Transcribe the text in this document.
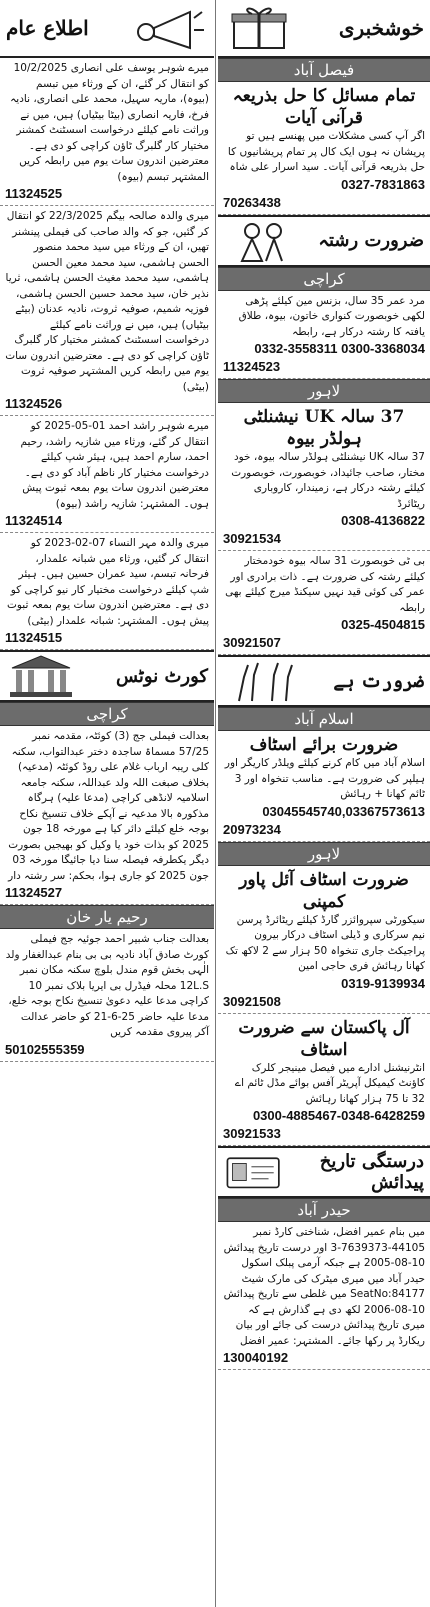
خوشخبری
فیصل آباد
تمام مسائل کا حل بذریعہ قرآنی آیات
اگر آپ کسی مشکلات میں پھنسے ہیں تو پریشان نہ ہوں ایک کال پر تمام پریشانیوں کا حل بذریعہ قرآنی آیات۔ سید اسرار علی شاہ
0327-7831863
70263438
ضرورت رشتہ
کراچی
مرد عمر 35 سال، بزنس مین کیلئے پڑھی لکھی خوبصورت کنواری خاتون، بیوہ، طلاق یافتہ کا رشتہ درکار ہے، رابطہ
0300-3368034 0332-3558311
11324523
لاہور
37 سالہ UK نیشنلٹی ہولڈر بیوہ
37 سالہ UK نیشنلٹی ہولڈر سالہ بیوہ، خود مختار، صاحب جائیداد، خوبصورت، خوبصورت کیلئے رشتہ درکار ہے، زمیندار، کاروباری ریٹائرڈ
0308-4136822
30921534
بی ٹی خوبصورت 31 سالہ بیوہ خودمختار کیلئے رشتہ کی ضرورت ہے۔ ذات برادری اور عمر کی کوئی قید نہیں سیکنڈ میرج کیلئے بھی رابطہ
0325-4504815
30921507
ضرورت ہے
اسلام آباد
ضرورت برائے اسٹاف
اسلام آباد میں کام کرنے کیلئے ویلڈر کاریگر اور ہیلپر کی ضرورت ہے۔ مناسب تنخواہ اور 3 ٹائم کھانا + رہائش
03045545740,03367573613
20973234
لاہور
ضرورت اسٹاف آئل پاور کمپنی
سیکورٹی سپروائزر گارڈ کیلئے ریٹائرڈ پرسن نیم سرکاری و ڈیلی اسٹاف درکار بیرون پراجیکٹ جاری تنخواہ 50 ہزار سے 2 لاکھ تک کھانا رہائش فری حاجی امین
0319-9139934
30921508
آل پاکستان سے ضرورت اسٹاف
انٹرنیشنل ادارے میں فیصل مینیجر کلرک کاؤنٹ کیمیکل آپریٹر آفس بوائے مڈل ٹائم اے 32 تا 75 ہزار کھانا رہائش
0300-4885467-0348-6428259
30921533
درستگی تاریخ پیدائش
حیدر آباد
میں بنام عمیر افضل، شناختی کارڈ نمبر 44105-7639373-3 اور درست تاریخ پیدائش 10-08-2005 ہے جبکہ آرمی پبلک اسکول حیدر آباد میں میری میٹرک کی مارک شیٹ SeatNo:84177 میں غلطی سے تاریخ پیدائش 10-08-2006 لکھ دی ہے گذارش ہے کہ میری تاریخ پیدائش درست کی جائے اور بیان ریکارڈ پر رکھا جائے۔ المشتہر: عمیر افضل
130040192
اطلاع عام
میرے شوہر یوسف علی انصاری 10/2/2025 کو انتقال کر گئے، ان کے ورثاء میں تبسم (بیوہ)، ماریہ سہیل، محمد علی انصاری، نادیہ فرخ، فاریہ انصاری (بیٹا بیٹیاں) ہیں، میں نے وراثت نامے کیلئے درخواست اسسٹنٹ کمشنر مختیار کار گلبرگ ٹاؤن کراچی کو دی ہے۔ معترضین اندرون سات یوم میں رابطہ کریں المشتہر تبسم (بیوہ)
11324525
میری والدہ صالحہ بیگم 22/3/2025 کو انتقال کر گئیں، جو کہ والد صاحب کی فیملی پینشنر تھیں، ان کے ورثاء میں سید محمد منصور الحسن ہاشمی، سید محمد معین الحسن ہاشمی، سید محمد مغیث الحسن ہاشمی، ثریا نذیر خان، سید محمد حسین الحسن ہاشمی، فوزیہ شمیم، صوفیہ ثروت، نادیہ عدنان (بیٹے بیٹیاں) ہیں، میں نے وراثت نامے کیلئے درخواست اسسٹنٹ کمشنر مختیار کار گلبرگ ٹاؤن کراچی کو دی ہے۔ معترضین اندرون سات یوم میں رابطہ کریں المشتہر صوفیہ ثروت (بیٹی)
11324526
میرے شوہر راشد احمد 01-05-2025 کو انتقال کر گئے، ورثاء میں شازیہ راشد، رحیم احمد، سارم احمد ہیں، ہیئر شپ کیلئے درخواست مختیار کار ناظم آباد کو دی ہے۔ معترضین اندرون سات یوم بمعہ ثبوت پیش ہوں۔ المشتہر: شازیہ راشد (بیوہ)
11324514
میری والدہ مہر النساء 07-02-2023 کو انتقال کر گئیں، ورثاء میں شبانہ علمدار، فرحانہ تبسم، سید عمران حسین ہیں۔ ہیئر شپ کیلئے درخواست مختیار کار نیو کراچی کو دی ہے۔ معترضین اندرون سات یوم بمعہ ثبوت پیش ہوں۔ المشتہر: شبانہ علمدار (بیٹی)
11324515
کورٹ نوٹس
کراچی
بعدالت فیملی جج (3) کوئٹہ، مقدمہ نمبر 57/25 مسماۃ ساجدہ دختر عبدالتواب، سکنہ کلی ریبہ ارباب غلام علی روڈ کوئٹہ (مدعیہ) بخلاف صبغت اللہ ولد عبداللہ، سکنہ جامعہ اسلامیہ لانڈھی کراچی (مدعا علیہ) ہرگاہ مذکورہ بالا مدعیہ نے آپکے خلاف تنسیخ نکاح بوجہ خلع کیلئے دائر کیا ہے مورخہ 18 جون 2025 کو بذات خود یا وکیل کو بھیجیں بصورت دیگر یکطرفہ فیصلہ سنا دیا جائیگا مورخہ 03 جون 2025 کو جاری ہوا، بحکم: سر رشتہ دار
11324527
رحیم یار خان
بعدالت جناب شبیر احمد جوئیہ جج فیملی کورٹ صادق آباد نادیہ بی بی بنام عبدالغفار ولد الٰہی بخش قوم مندل بلوچ سکنہ مکان نمبر 12L.S محلہ فیڈرل بی ایریا بلاک نمبر 10 کراچی مدعا علیہ دعویٰ تنسیخ نکاح بوجہ خلع، مدعا علیہ حاضر 25-6-21 کو حاضر عدالت آکر پیروی مقدمہ کریں
50102555359
